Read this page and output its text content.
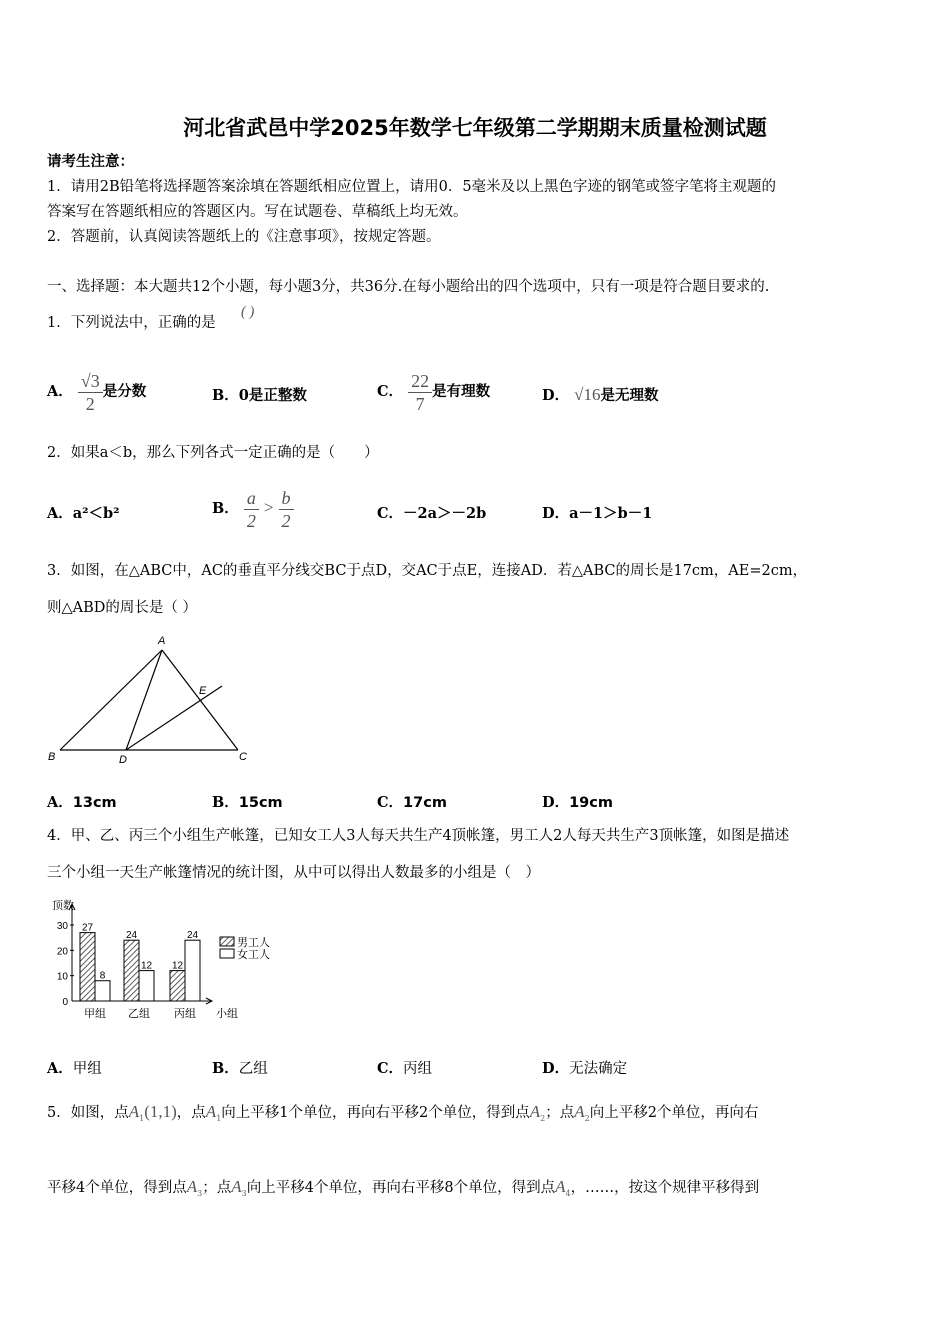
河北省武邑中学2025年数学七年级第二学期期末质量检测试题
请考生注意：
1．请用2B铅笔将选择题答案涂填在答题纸相应位置上，请用0．5毫米及以上黑色字迹的钢笔或签字笔将主观题的
答案写在答题纸相应的答题区内。写在试题卷、草稿纸上均无效。
2．答题前，认真阅读答题纸上的《注意事项》，按规定答题。
一、选择题：本大题共12个小题，每小题3分，共36分.在每小题给出的四个选项中，只有一项是符合题目要求的.
1．下列说法中，正确的是
( )
A． $\frac{√3}{2}$ 是分数	B．0是正整数	C． $\frac{22}{7}$ 是有理数	D． √16是无理数
2．如果a＜b，那么下列各式一定正确的是（　　）
A．a²＜b²	B． $\frac{a}{2} > \frac{b}{2}$	C．－2a＞－2b	D．a－1＞b－1
3．如图，在△ABC中，AC的垂直平分线交BC于点D，交AC于点E，连接AD．若△ABC的周长是17cm，AE=2cm，
则△ABD的周长是（ ）
A
B	C
D
E
A．13cm	B．15cm	C．17cm	D．19cm
4．甲、乙、丙三个小组生产帐篷，已知女工人3人每天共生产4顶帐篷，男工人2人每天共生产3顶帐篷，如图是描述
三个小组一天生产帐篷情况的统计图，从中可以得出人数最多的小组是（　）
顶数
0
10
20
30 27
8
甲组
24
12
乙组
12
24
丙组 小组
男工人
女工人
A．甲组	B．乙组	C．丙组	D．无法确定
5．如图，点$A_1(1,1)$，点$A_1$向上平移1个单位，再向右平移2个单位，得到点$A_2$；点$A_2$向上平移2个单位，再向右
平移4个单位，得到点$A_3$；点$A_3$向上平移4个单位，再向右平移8个单位，得到点$A_4$，……，按这个规律平移得到
